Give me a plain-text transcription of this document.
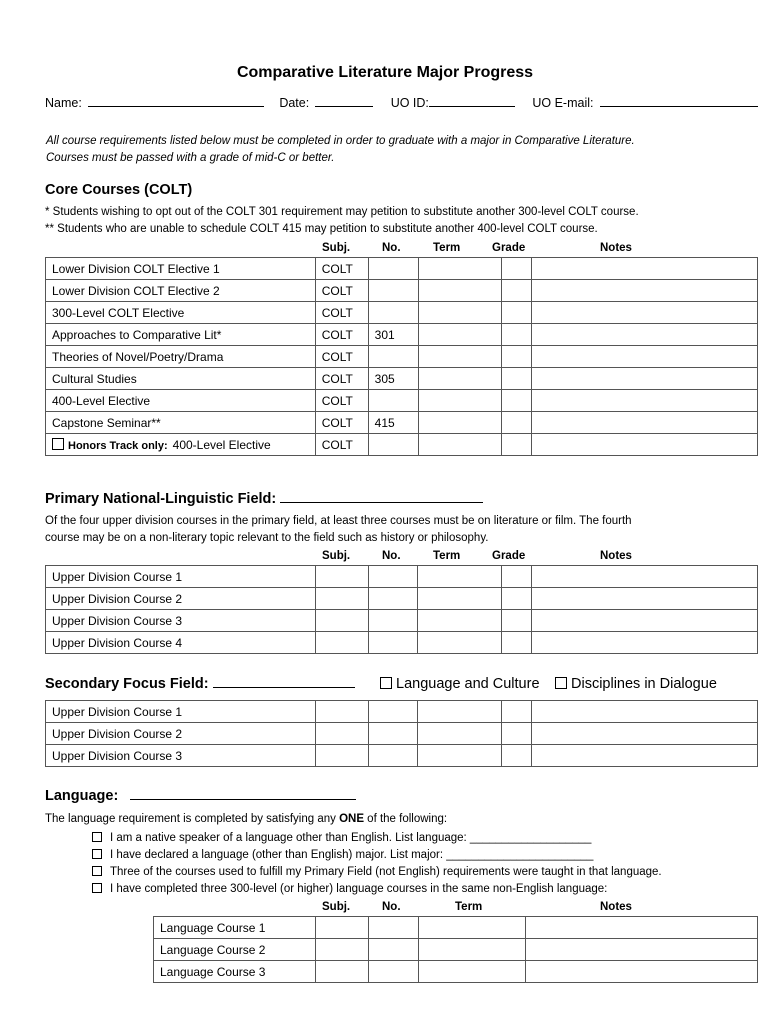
Comparative Literature Major Progress
Name:	Date:	UO ID:	UO E-mail:
All course requirements listed below must be completed in order to graduate with a major in Comparative Literature.
Courses must be passed with a grade of mid-C or better.
Core Courses (COLT)
* Students wishing to opt out of the COLT 301 requirement may petition to substitute another 300-level COLT course.
** Students who are unable to schedule COLT 415 may petition to substitute another 400-level COLT course.
Subj.	No.	Term	Grade	Notes
Lower Division COLT Elective 1	COLT				
Lower Division COLT Elective 2	COLT				
300-Level COLT Elective	COLT				
Approaches to Comparative Lit*	COLT	301			
Theories of Novel/Poetry/Drama	COLT				
Cultural Studies	COLT	305			
400-Level Elective	COLT				
Capstone Seminar**	COLT	415			
Honors Track only: 400-Level Elective	COLT				
Primary National-Linguistic Field:
Of the four upper division courses in the primary field, at least three courses must be on literature or film. The fourth
course may be on a non-literary topic relevant to the field such as history or philosophy.
Subj.	No.	Term	Grade	Notes
Upper Division Course 1					
Upper Division Course 2					
Upper Division Course 3					
Upper Division Course 4					
Secondary Focus Field:	Language and Culture	Disciplines in Dialogue
Upper Division Course 1					
Upper Division Course 2					
Upper Division Course 3					
Language:
The language requirement is completed by satisfying any ONE of the following:
I am a native speaker of a language other than English. List language: ___________________
I have declared a language (other than English) major. List major: _______________________
Three of the courses used to fulfill my Primary Field (not English) requirements were taught in that language.
I have completed three 300-level (or higher) language courses in the same non-English language:
Subj.	No.	Term	Notes
Language Course 1				
Language Course 2				
Language Course 3				
